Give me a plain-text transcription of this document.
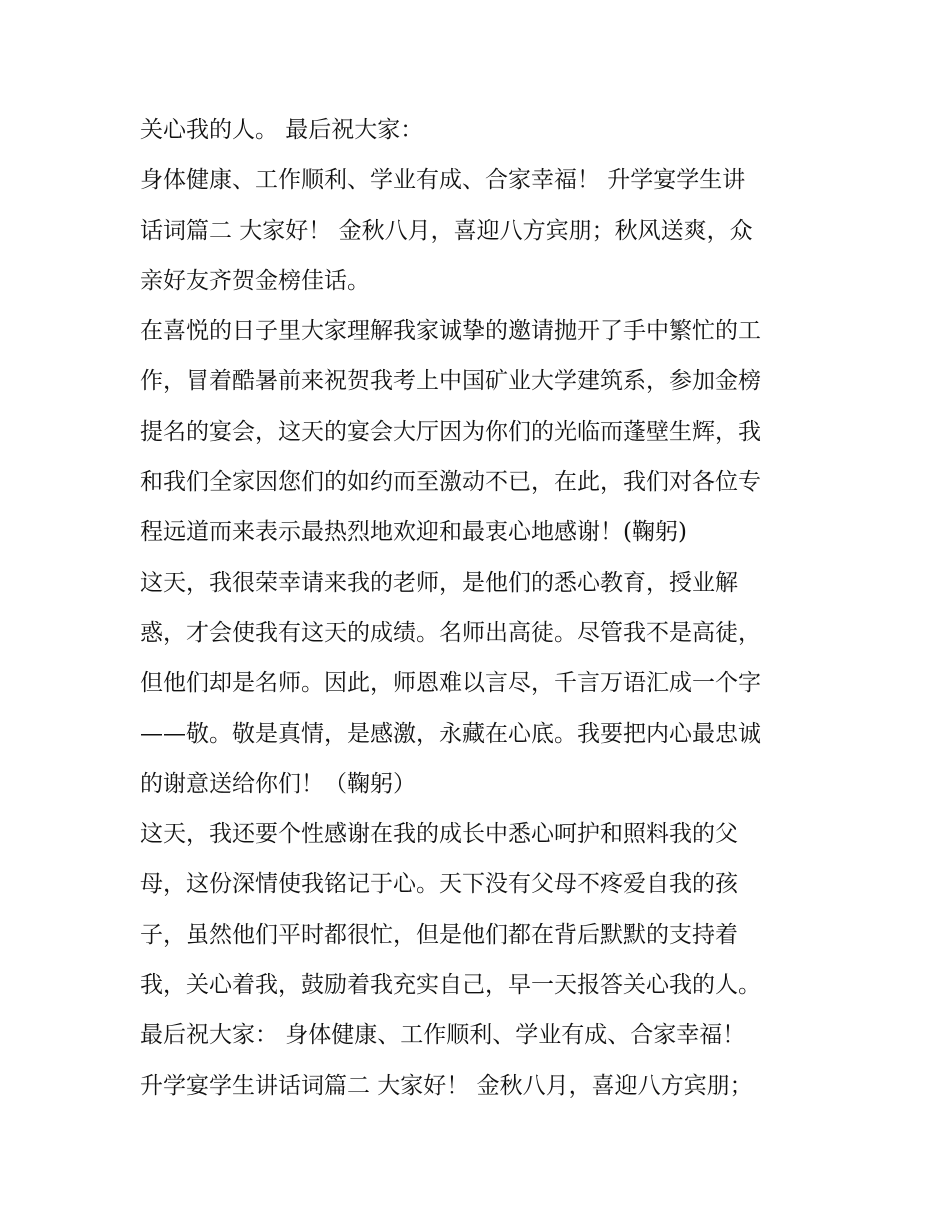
关心我的人。 最后祝大家：
身体健康、工作顺利、学业有成、合家幸福！ 升学宴学生讲
话词篇二 大家好！ 金秋八月，喜迎八方宾朋；秋风送爽，众
亲好友齐贺金榜佳话。
在喜悦的日子里大家理解我家诚挚的邀请抛开了手中繁忙的工
作，冒着酷暑前来祝贺我考上中国矿业大学建筑系，参加金榜
提名的宴会，这天的宴会大厅因为你们的光临而蓬壁生辉，我
和我们全家因您们的如约而至激动不已，在此，我们对各位专
程远道而来表示最热烈地欢迎和最衷心地感谢！(鞠躬)
这天，我很荣幸请来我的老师，是他们的悉心教育，授业解
惑，才会使我有这天的成绩。名师出高徒。尽管我不是高徒，
但他们却是名师。因此，师恩难以言尽，千言万语汇成一个字
——敬。敬是真情，是感激，永藏在心底。我要把内心最忠诚
的谢意送给你们！（鞠躬）
这天，我还要个性感谢在我的成长中悉心呵护和照料我的父
母，这份深情使我铭记于心。天下没有父母不疼爱自我的孩
子，虽然他们平时都很忙，但是他们都在背后默默的支持着
我，关心着我，鼓励着我充实自己，早一天报答关心我的人。
最后祝大家： 身体健康、工作顺利、学业有成、合家幸福！
升学宴学生讲话词篇二 大家好！ 金秋八月，喜迎八方宾朋；
